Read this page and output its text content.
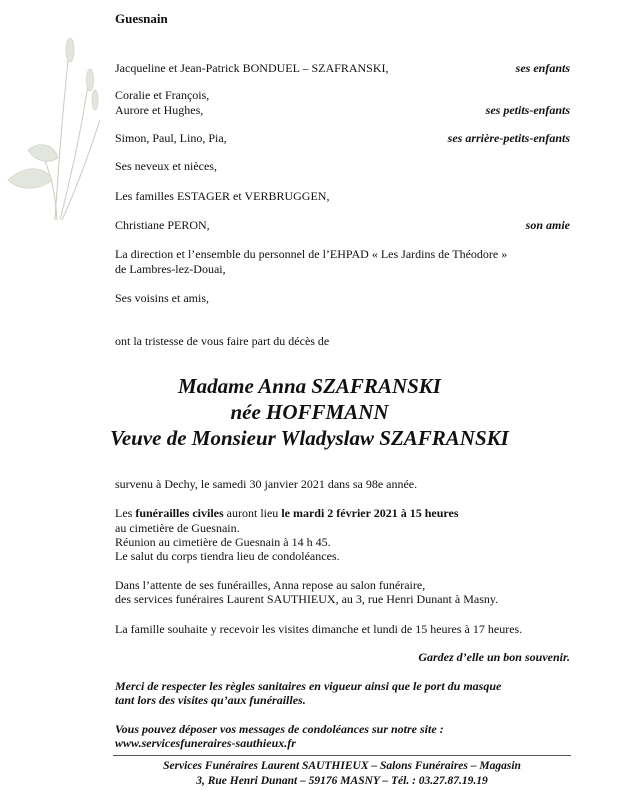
Guesnain
Jacqueline et Jean-Patrick BONDUEL – SZAFRANSKI,	ses enfants
Coralie et François,
Aurore et Hughes,	ses petits-enfants
Simon, Paul, Lino, Pia,	ses arrière-petits-enfants
Ses neveux et nièces,
Les familles ESTAGER et VERBRUGGEN,
Christiane PERON,	son amie
La direction et l’ensemble du personnel de l’EHPAD « Les Jardins de Théodore »
de Lambres-lez-Douai,
Ses voisins et amis,
ont la tristesse de vous faire part du décès de
Madame Anna SZAFRANSKI
née HOFFMANN
Veuve de Monsieur Wladyslaw SZAFRANSKI
survenu à Dechy, le samedi 30 janvier 2021 dans sa 98e année.
Les funérailles civiles auront lieu le mardi 2 février 2021 à 15 heures
au cimetière de Guesnain.
Réunion au cimetière de Guesnain à 14 h 45.
Le salut du corps tiendra lieu de condoléances.
Dans l’attente de ses funérailles, Anna repose au salon funéraire,
des services funéraires Laurent SAUTHIEUX, au 3, rue Henri Dunant à Masny.
La famille souhaite y recevoir les visites dimanche et lundi de 15 heures à 17 heures.
Gardez d’elle un bon souvenir.
Merci de respecter les règles sanitaires en vigueur ainsi que le port du masque
tant lors des visites qu’aux funérailles.
Vous pouvez déposer vos messages de condoléances sur notre site :
www.servicesfuneraires-sauthieux.fr
Services Funéraires Laurent SAUTHIEUX – Salons Funéraires – Magasin
3, Rue Henri Dunant – 59176 MASNY – Tél. : 03.27.87.19.19
